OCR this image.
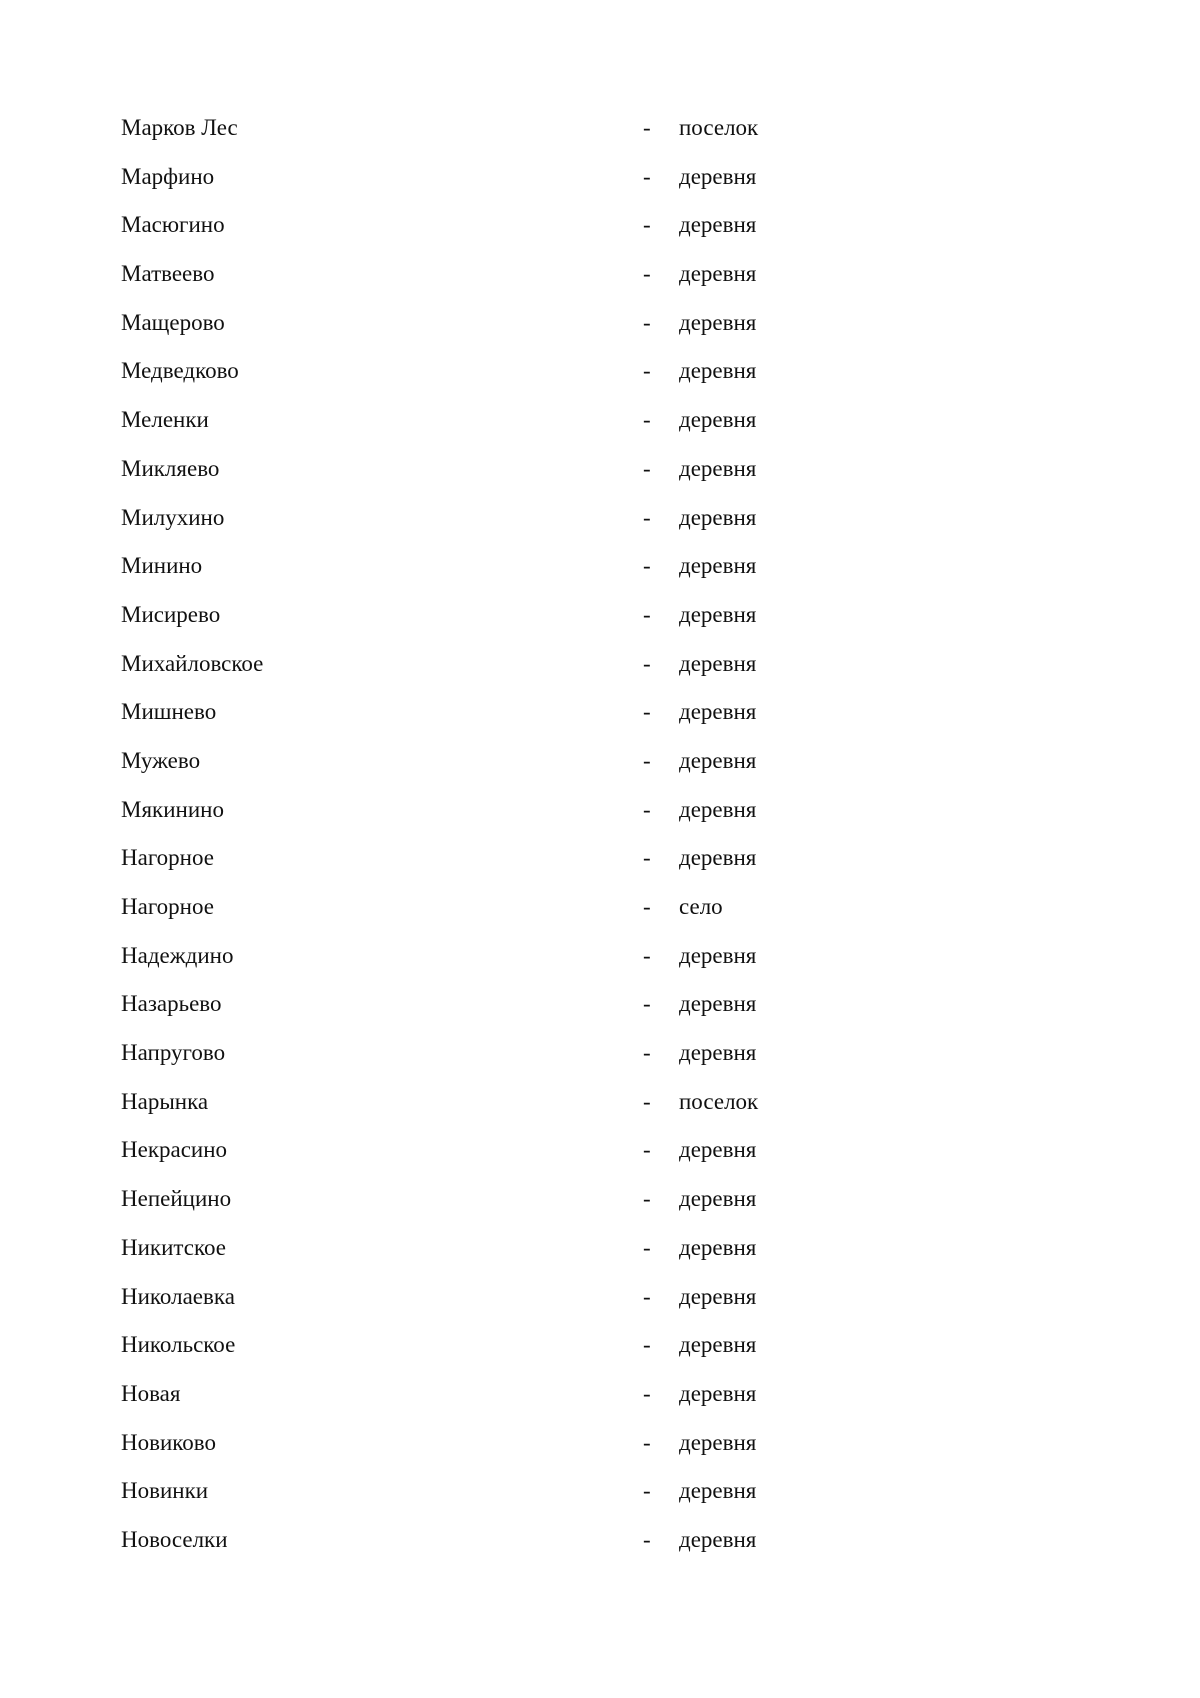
Марков Лес	- поселок
Марфино	- деревня
Масюгино	- деревня
Матвеево	- деревня
Мащерово	- деревня
Медведково	- деревня
Меленки	- деревня
Микляево	- деревня
Милухино	- деревня
Минино	- деревня
Мисирево	- деревня
Михайловское	- деревня
Мишнево	- деревня
Мужево	- деревня
Мякинино	- деревня
Нагорное	- деревня
Нагорное	- село
Надеждино	- деревня
Назарьево	- деревня
Напругово	- деревня
Нарынка	- поселок
Некрасино	- деревня
Непейцино	- деревня
Никитское	- деревня
Николаевка	- деревня
Никольское	- деревня
Новая	- деревня
Новиково	- деревня
Новинки	- деревня
Новоселки	- деревня
